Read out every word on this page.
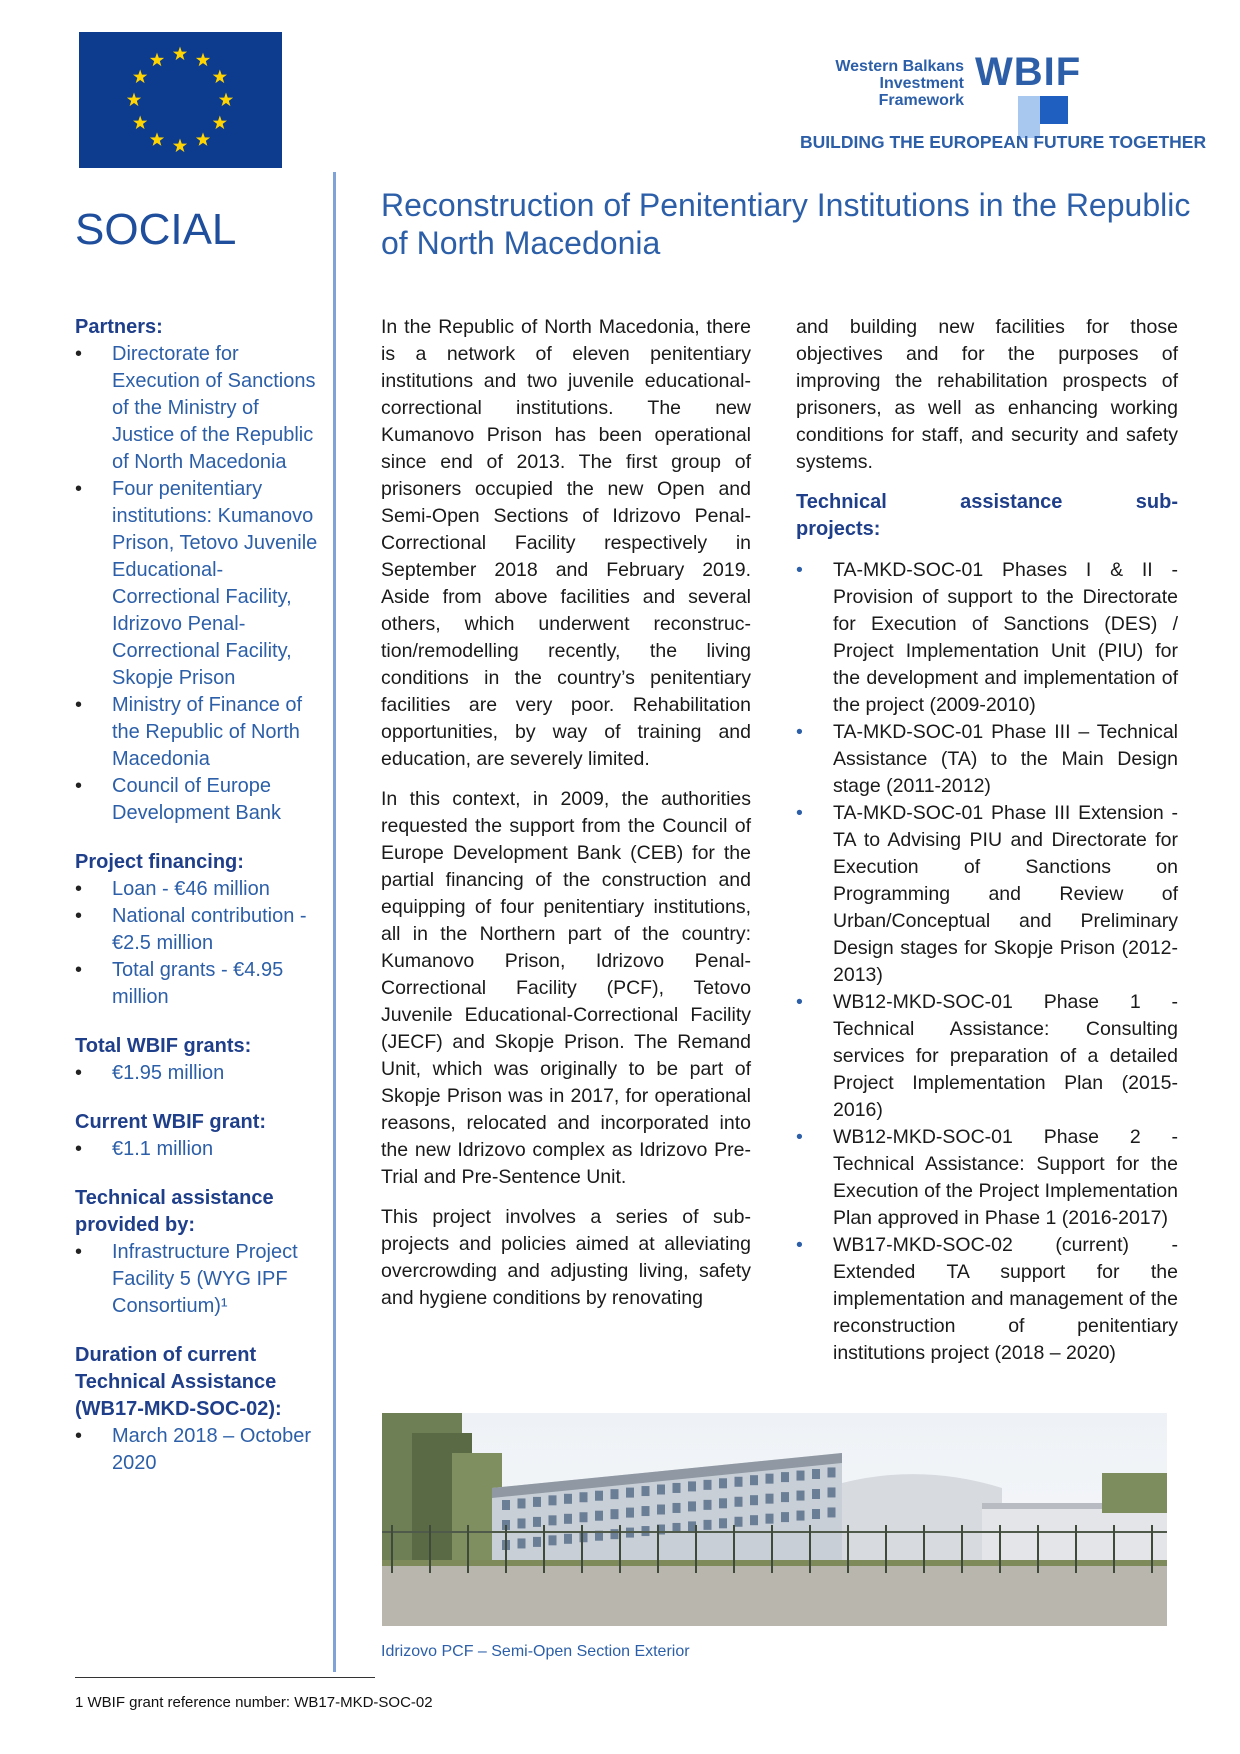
Western Balkans
Investment Framework
WBIF
BUILDING THE EUROPEAN FUTURE TOGETHER
SOCIAL	Reconstruction of Penitentiary Institutions in the Republic of North Macedonia

Partners:

• Directorate for Execution of Sanctions of the Ministry of Justice of the Republic of North Macedonia
• Four penitentiary institutions: Kumanovo Prison, Tetovo Juvenile Educational-Correctional Facility, Idrizovo Penal-Correctional Facility, Skopje Prison
• Ministry of Finance of the Republic of North Macedonia
• Council of Europe Development Bank

Project financing:

• Loan - €46 million
• National contribution - €2.5 million
• Total grants - €4.95 million

Total WBIF grants:

• €1.95 million

Current WBIF grant:

• €1.1 million

Technical assistance provided by:

• Infrastructure Project Facility 5 (WYG IPF Consortium)¹

Duration of current Technical Assistance (WB17-MKD-SOC-02):

• March 2018 – October 2020

In the Republic of North Macedonia, there is a network of eleven penitentiary institutions and two juvenile educational-correctional institutions. The new Kumanovo Prison has been operational since end of 2013. The first group of prisoners occupied the new Open and Semi-Open Sections of Idrizovo Penal-Correctional Facility respectively in September 2018 and February 2019. Aside from above facilities and several others, which underwent reconstruc-tion/remodelling recently, the living conditions in the country’s penitentiary facilities are very poor. Rehabilitation opportunities, by way of training and education, are severely limited.

In this context, in 2009, the authorities requested the support from the Council of Europe Development Bank (CEB) for the partial financing of the construction and equipping of four penitentiary institutions, all in the Northern part of the country: Kumanovo Prison, Idrizovo Penal-Correctional Facility (PCF), Tetovo Juvenile Educational-Correctional Facility (JECF) and Skopje Prison. The Remand Unit, which was originally to be part of Skopje Prison was in 2017, for operational reasons, relocated and incorporated into the new Idrizovo complex as Idrizovo Pre-Trial and Pre-Sentence Unit.

This project involves a series of sub-projects and policies aimed at alleviating overcrowding and adjusting living, safety and hygiene conditions by renovating

and building new facilities for those objectives and for the purposes of improving the rehabilitation prospects of prisoners, as well as enhancing working conditions for staff, and security and safety systems.

Technical assistance sub-
projects:
• TA-MKD-SOC-01 Phases I & II - Provision of support to the Directorate for Execution of Sanctions (DES) / Project Implementation Unit (PIU) for the development and implementation of the project (2009-2010)
• TA-MKD-SOC-01 Phase III – Technical Assistance (TA) to the Main Design stage (2011-2012)
• TA-MKD-SOC-01 Phase III Extension - TA to Advising PIU and Directorate for Execution of Sanctions on Programming and Review of Urban/Conceptual and Preliminary Design stages for Skopje Prison (2012-2013)
• WB12-MKD-SOC-01 Phase 1 - Technical Assistance: Consulting services for preparation of a detailed Project Implementation Plan (2015-2016)
• WB12-MKD-SOC-01 Phase 2 - Technical Assistance: Support for the Execution of the Project Implementation Plan approved in Phase 1 (2016-2017)
• WB17-MKD-SOC-02 (current) - Extended TA support for the implementation and management of the reconstruction of penitentiary institutions project (2018 – 2020)
Idrizovo PCF – Semi-Open Section Exterior
1 WBIF grant reference number: WB17-MKD-SOC-02
